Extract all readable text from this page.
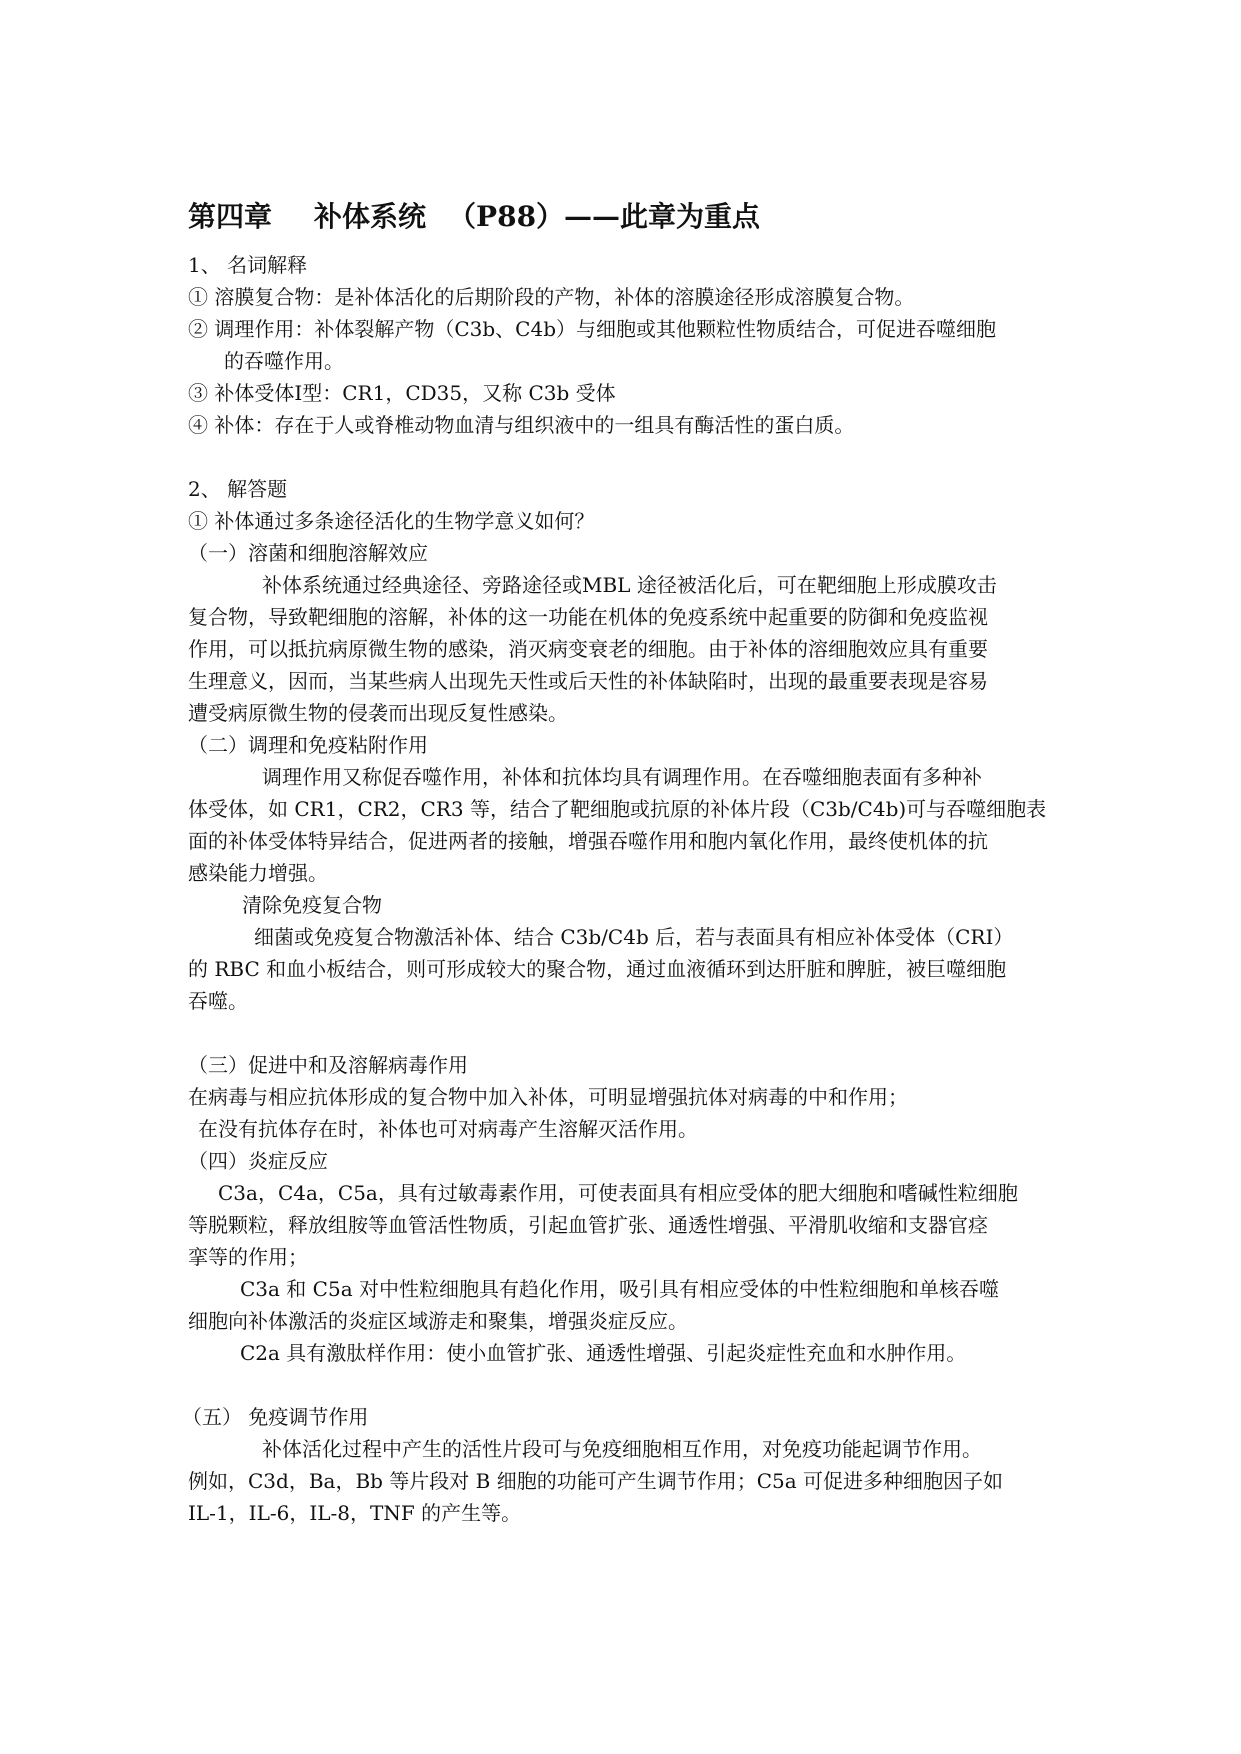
第四章 补体系统 （P88）——此章为重点

1、 名词解释

① 溶膜复合物：是补体活化的后期阶段的产物，补体的溶膜途径形成溶膜复合物。

② 调理作用：补体裂解产物（C3b、C4b）与细胞或其他颗粒性物质结合，可促进吞噬细胞

的吞噬作用。

③ 补体受体Ⅰ型：CR1，CD35，又称 C3b 受体

④ 补体：存在于人或脊椎动物血清与组织液中的一组具有酶活性的蛋白质。

2、 解答题

① 补体通过多条途径活化的生物学意义如何？

（一）溶菌和细胞溶解效应

补体系统通过经典途径、旁路途径或MBL 途径被活化后，可在靶细胞上形成膜攻击

复合物，导致靶细胞的溶解，补体的这一功能在机体的免疫系统中起重要的防御和免疫监视

作用，可以抵抗病原微生物的感染，消灭病变衰老的细胞。由于补体的溶细胞效应具有重要

生理意义，因而，当某些病人出现先天性或后天性的补体缺陷时，出现的最重要表现是容易

遭受病原微生物的侵袭而出现反复性感染。

（二）调理和免疫粘附作用

调理作用又称促吞噬作用，补体和抗体均具有调理作用。在吞噬细胞表面有多种补

体受体，如 CR1，CR2，CR3 等，结合了靶细胞或抗原的补体片段（C3b/C4b)可与吞噬细胞表

面的补体受体特异结合，促进两者的接触，增强吞噬作用和胞内氧化作用，最终使机体的抗

感染能力增强。

清除免疫复合物

细菌或免疫复合物激活补体、结合 C3b/C4b 后，若与表面具有相应补体受体（CRI）

的 RBC 和血小板结合，则可形成较大的聚合物，通过血液循环到达肝脏和脾脏，被巨噬细胞

吞噬。

（三）促进中和及溶解病毒作用

在病毒与相应抗体形成的复合物中加入补体，可明显增强抗体对病毒的中和作用；

在没有抗体存在时，补体也可对病毒产生溶解灭活作用。

（四）炎症反应

C3a，C4a，C5a，具有过敏毒素作用，可使表面具有相应受体的肥大细胞和嗜碱性粒细胞

等脱颗粒，释放组胺等血管活性物质，引起血管扩张、通透性增强、平滑肌收缩和支器官痉

挛等的作用；

C3a 和 C5a 对中性粒细胞具有趋化作用，吸引具有相应受体的中性粒细胞和单核吞噬

细胞向补体激活的炎症区域游走和聚集，增强炎症反应。

C2a 具有激肽样作用：使小血管扩张、通透性增强、引起炎症性充血和水肿作用。

（五） 免疫调节作用

补体活化过程中产生的活性片段可与免疫细胞相互作用，对免疫功能起调节作用。

例如，C3d，Ba，Bb 等片段对 B 细胞的功能可产生调节作用；C5a 可促进多种细胞因子如

IL-1，IL-6，IL-8，TNF 的产生等。
